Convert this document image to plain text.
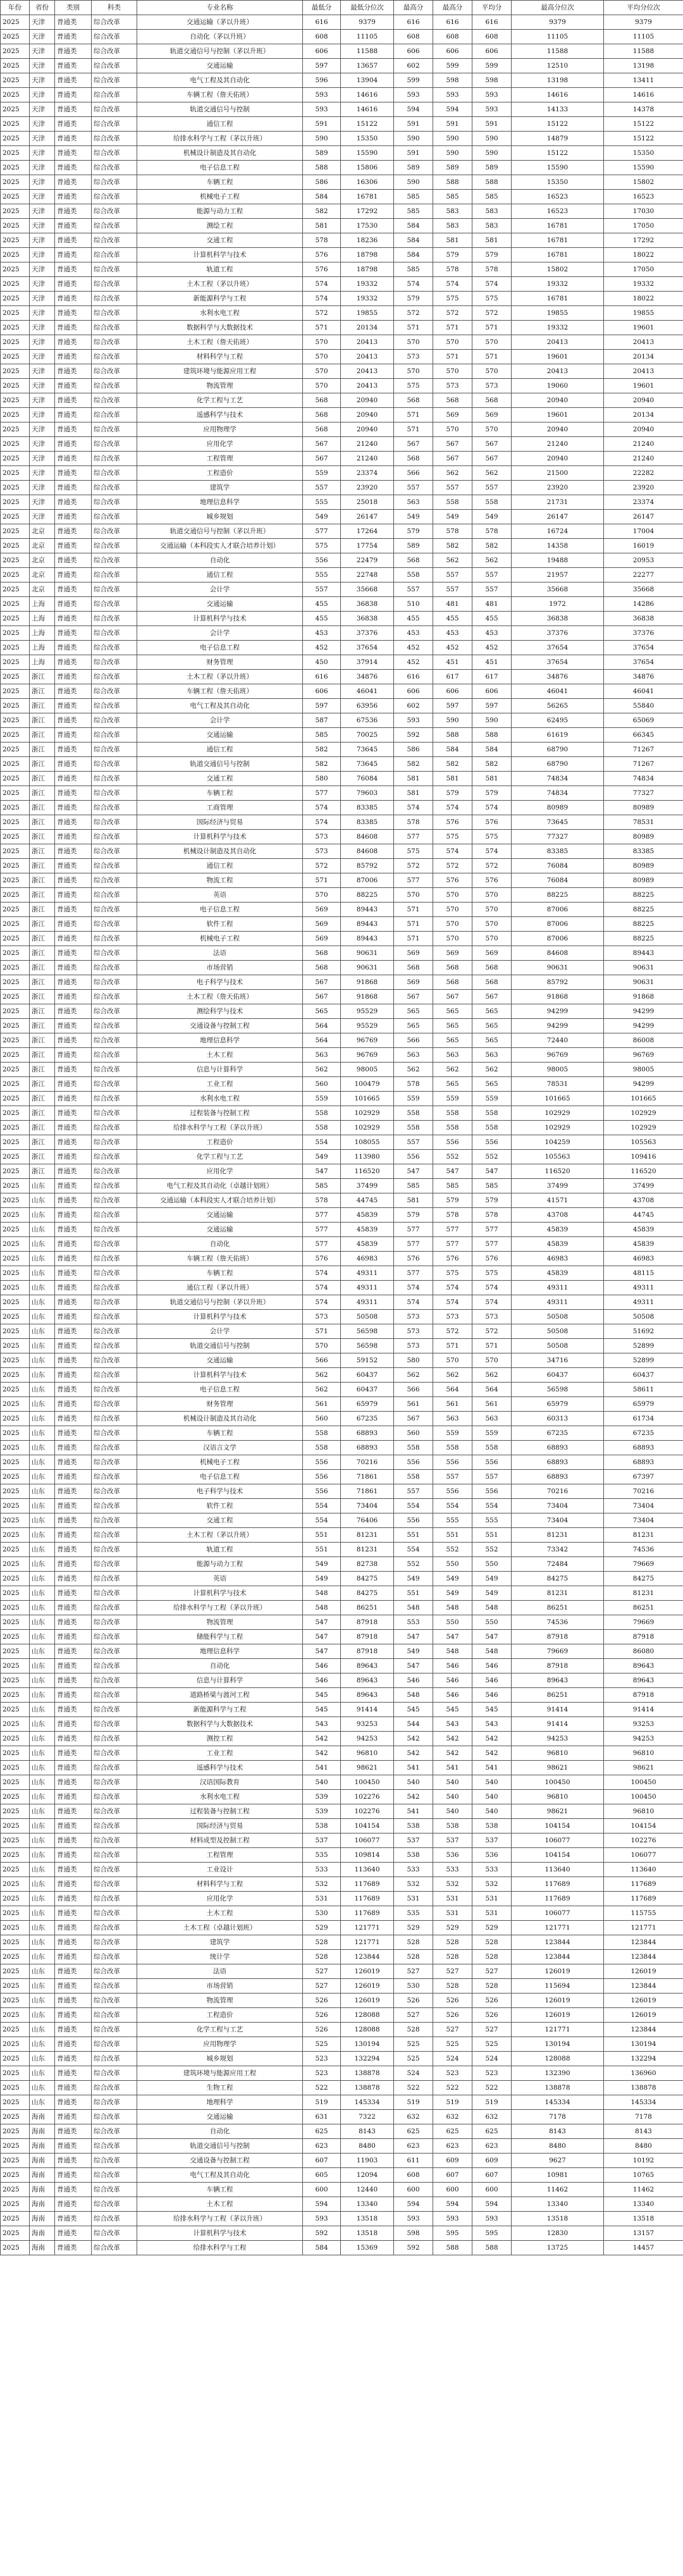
年份	省份	类别	科类	专业名称	最低分	最低分位次	最高分	最高分	平均分	最高分位次	平均分位次
2025	天津	普通类	综合改革	交通运输（茅以升班）	616	9379	616	616	616	9379	9379
2025	天津	普通类	综合改革	自动化（茅以升班）	608	11105	608	608	608	11105	11105
2025	天津	普通类	综合改革	轨道交通信号与控制（茅以升班）	606	11588	606	606	606	11588	11588
2025	天津	普通类	综合改革	交通运输	597	13657	602	599	599	12510	13198
2025	天津	普通类	综合改革	电气工程及其自动化	596	13904	599	598	598	13198	13411
2025	天津	普通类	综合改革	车辆工程（詹天佑班）	593	14616	593	593	593	14616	14616
2025	天津	普通类	综合改革	轨道交通信号与控制	593	14616	594	594	593	14133	14378
2025	天津	普通类	综合改革	通信工程	591	15122	591	591	591	15122	15122
2025	天津	普通类	综合改革	给排水科学与工程（茅以升班）	590	15350	590	590	590	14879	15122
2025	天津	普通类	综合改革	机械设计制造及其自动化	589	15590	591	590	590	15122	15350
2025	天津	普通类	综合改革	电子信息工程	588	15806	589	589	589	15590	15590
2025	天津	普通类	综合改革	车辆工程	586	16306	590	588	588	15350	15802
2025	天津	普通类	综合改革	机械电子工程	584	16781	585	585	585	16523	16523
2025	天津	普通类	综合改革	能源与动力工程	582	17292	585	583	583	16523	17030
2025	天津	普通类	综合改革	测绘工程	581	17530	584	583	583	16781	17050
2025	天津	普通类	综合改革	交通工程	578	18236	584	581	581	16781	17292
2025	天津	普通类	综合改革	计算机科学与技术	576	18798	584	579	579	16781	18022
2025	天津	普通类	综合改革	轨道工程	576	18798	585	578	578	15802	17050
2025	天津	普通类	综合改革	土木工程（茅以升班）	574	19332	574	574	574	19332	19332
2025	天津	普通类	综合改革	新能源科学与工程	574	19332	579	575	575	16781	18022
2025	天津	普通类	综合改革	水利水电工程	572	19855	572	572	572	19855	19855
2025	天津	普通类	综合改革	数据科学与大数据技术	571	20134	571	571	571	19332	19601
2025	天津	普通类	综合改革	土木工程（詹天佑班）	570	20413	570	570	570	20413	20413
2025	天津	普通类	综合改革	材料科学与工程	570	20413	573	571	571	19601	20134
2025	天津	普通类	综合改革	建筑环境与能源应用工程	570	20413	570	570	570	20413	20413
2025	天津	普通类	综合改革	物流管理	570	20413	575	573	573	19060	19601
2025	天津	普通类	综合改革	化学工程与工艺	568	20940	568	568	568	20940	20940
2025	天津	普通类	综合改革	遥感科学与技术	568	20940	571	569	569	19601	20134
2025	天津	普通类	综合改革	应用物理学	568	20940	571	570	570	20940	20940
2025	天津	普通类	综合改革	应用化学	567	21240	567	567	567	21240	21240
2025	天津	普通类	综合改革	工程管理	567	21240	568	567	567	20940	21240
2025	天津	普通类	综合改革	工程造价	559	23374	566	562	562	21500	22282
2025	天津	普通类	综合改革	建筑学	557	23920	557	557	557	23920	23920
2025	天津	普通类	综合改革	地理信息科学	555	25018	563	558	558	21731	23374
2025	天津	普通类	综合改革	城乡规划	549	26147	549	549	549	26147	26147
2025	北京	普通类	综合改革	轨道交通信号与控制（茅以升班）	577	17264	579	578	578	16724	17004
2025	北京	普通类	综合改革	交通运输（本科段实人才联合培养计划）	575	17754	589	582	582	14358	16019
2025	北京	普通类	综合改革	自动化	556	22479	568	562	562	19488	20953
2025	北京	普通类	综合改革	通信工程	555	22748	558	557	557	21957	22277
2025	北京	普通类	综合改革	会计学	557	35668	557	557	557	35668	35668
2025	上海	普通类	综合改革	交通运输	455	36838	510	481	481	1972	14286
2025	上海	普通类	综合改革	计算机科学与技术	455	36838	455	455	455	36838	36838
2025	上海	普通类	综合改革	会计学	453	37376	453	453	453	37376	37376
2025	上海	普通类	综合改革	电子信息工程	452	37654	452	452	452	37654	37654
2025	上海	普通类	综合改革	财务管理	450	37914	452	451	451	37654	37654
2025	浙江	普通类	综合改革	土木工程（茅以升班）	616	34876	616	617	617	34876	34876
2025	浙江	普通类	综合改革	车辆工程（詹天佑班）	606	46041	606	606	606	46041	46041
2025	浙江	普通类	综合改革	电气工程及其自动化	597	63956	602	597	597	56265	55840
2025	浙江	普通类	综合改革	会计学	587	67536	593	590	590	62495	65069
2025	浙江	普通类	综合改革	交通运输	585	70025	592	588	588	61619	66345
2025	浙江	普通类	综合改革	通信工程	582	73645	586	584	584	68790	71267
2025	浙江	普通类	综合改革	轨道交通信号与控制	582	73645	582	582	582	68790	71267
2025	浙江	普通类	综合改革	交通工程	580	76084	581	581	581	74834	74834
2025	浙江	普通类	综合改革	车辆工程	577	79603	581	579	579	74834	77327
2025	浙江	普通类	综合改革	工商管理	574	83385	574	574	574	80989	80989
2025	浙江	普通类	综合改革	国际经济与贸易	574	83385	578	576	576	73645	78531
2025	浙江	普通类	综合改革	计算机科学与技术	573	84608	577	575	575	77327	80989
2025	浙江	普通类	综合改革	机械设计制造及其自动化	573	84608	575	574	574	83385	83385
2025	浙江	普通类	综合改革	通信工程	572	85792	572	572	572	76084	80989
2025	浙江	普通类	综合改革	物流工程	571	87006	577	576	576	76084	80989
2025	浙江	普通类	综合改革	英语	570	88225	570	570	570	88225	88225
2025	浙江	普通类	综合改革	电子信息工程	569	89443	571	570	570	87006	88225
2025	浙江	普通类	综合改革	软件工程	569	89443	571	570	570	87006	88225
2025	浙江	普通类	综合改革	机械电子工程	569	89443	571	570	570	87006	88225
2025	浙江	普通类	综合改革	法语	568	90631	569	569	569	84608	89443
2025	浙江	普通类	综合改革	市场营销	568	90631	568	568	568	90631	90631
2025	浙江	普通类	综合改革	电子科学与技术	567	91868	569	568	568	85792	90631
2025	浙江	普通类	综合改革	土木工程（詹天佑班）	567	91868	567	567	567	91868	91868
2025	浙江	普通类	综合改革	测绘科学与技术	565	95529	565	565	565	94299	94299
2025	浙江	普通类	综合改革	交通设备与控制工程	564	95529	565	565	565	94299	94299
2025	浙江	普通类	综合改革	地理信息科学	564	96769	566	565	565	72440	86008
2025	浙江	普通类	综合改革	土木工程	563	96769	563	563	563	96769	96769
2025	浙江	普通类	综合改革	信息与计算科学	562	98005	562	562	562	98005	98005
2025	浙江	普通类	综合改革	工业工程	560	100479	578	565	565	78531	94299
2025	浙江	普通类	综合改革	水利水电工程	559	101665	559	559	559	101665	101665
2025	浙江	普通类	综合改革	过程装备与控制工程	558	102929	558	558	558	102929	102929
2025	浙江	普通类	综合改革	给排水科学与工程（茅以升班）	558	102929	558	558	558	102929	102929
2025	浙江	普通类	综合改革	工程造价	554	108055	557	556	556	104259	105563
2025	浙江	普通类	综合改革	化学工程与工艺	549	113980	556	552	552	105563	109416
2025	浙江	普通类	综合改革	应用化学	547	116520	547	547	547	116520	116520
2025	山东	普通类	综合改革	电气工程及其自动化（卓越计划班）	585	37499	585	585	585	37499	37499
2025	山东	普通类	综合改革	交通运输（本科段实人才联合培养计划）	578	44745	581	579	579	41571	43708
2025	山东	普通类	综合改革	交通运输	577	45839	579	578	578	43708	44745
2025	山东	普通类	综合改革	交通运输	577	45839	577	577	577	45839	45839
2025	山东	普通类	综合改革	自动化	577	45839	577	577	577	45839	45839
2025	山东	普通类	综合改革	车辆工程（詹天佑班）	576	46983	576	576	576	46983	46983
2025	山东	普通类	综合改革	车辆工程	574	49311	577	575	575	45839	48115
2025	山东	普通类	综合改革	通信工程（茅以升班）	574	49311	574	574	574	49311	49311
2025	山东	普通类	综合改革	轨道交通信号与控制（茅以升班）	574	49311	574	574	574	49311	49311
2025	山东	普通类	综合改革	计算机科学与技术	573	50508	573	573	573	50508	50508
2025	山东	普通类	综合改革	会计学	571	56598	573	572	572	50508	51692
2025	山东	普通类	综合改革	轨道交通信号与控制	570	56598	573	571	571	50508	52899
2025	山东	普通类	综合改革	交通运输	566	59152	580	570	570	34716	52899
2025	山东	普通类	综合改革	计算机科学与技术	562	60437	562	562	562	60437	60437
2025	山东	普通类	综合改革	电子信息工程	562	60437	566	564	564	56598	58611
2025	山东	普通类	综合改革	财务管理	561	65979	561	561	561	65979	65979
2025	山东	普通类	综合改革	机械设计制造及其自动化	560	67235	567	563	563	60313	61734
2025	山东	普通类	综合改革	车辆工程	558	68893	560	559	559	67235	67235
2025	山东	普通类	综合改革	汉语言文学	558	68893	558	558	558	68893	68893
2025	山东	普通类	综合改革	机械电子工程	556	70216	556	556	556	68893	68893
2025	山东	普通类	综合改革	电子信息工程	556	71861	558	557	557	68893	67397
2025	山东	普通类	综合改革	电子科学与技术	556	71861	557	556	556	70216	70216
2025	山东	普通类	综合改革	软件工程	554	73404	554	554	554	73404	73404
2025	山东	普通类	综合改革	交通工程	554	76406	556	555	555	73404	73404
2025	山东	普通类	综合改革	土木工程（茅以升班）	551	81231	551	551	551	81231	81231
2025	山东	普通类	综合改革	轨道工程	551	81231	554	552	552	73342	74536
2025	山东	普通类	综合改革	能源与动力工程	549	82738	552	550	550	72484	79669
2025	山东	普通类	综合改革	英语	549	84275	549	549	549	84275	84275
2025	山东	普通类	综合改革	计算机科学与技术	548	84275	551	549	549	81231	81231
2025	山东	普通类	综合改革	给排水科学与工程（茅以升班）	548	86251	548	548	548	86251	86251
2025	山东	普通类	综合改革	物流管理	547	87918	553	550	550	74536	79669
2025	山东	普通类	综合改革	储能科学与工程	547	87918	547	547	547	87918	87918
2025	山东	普通类	综合改革	地理信息科学	547	87918	549	548	548	79669	86080
2025	山东	普通类	综合改革	自动化	546	89643	547	546	546	87918	89643
2025	山东	普通类	综合改革	信息与计算科学	546	89643	546	546	546	89643	89643
2025	山东	普通类	综合改革	道路桥梁与渡河工程	545	89643	548	546	546	86251	87918
2025	山东	普通类	综合改革	新能源科学与工程	545	91414	545	545	545	91414	91414
2025	山东	普通类	综合改革	数据科学与大数据技术	543	93253	544	543	543	91414	93253
2025	山东	普通类	综合改革	测控工程	542	94253	542	542	542	94253	94253
2025	山东	普通类	综合改革	工业工程	542	96810	542	542	542	96810	96810
2025	山东	普通类	综合改革	遥感科学与技术	541	98621	541	541	541	98621	98621
2025	山东	普通类	综合改革	汉语国际教育	540	100450	540	540	540	100450	100450
2025	山东	普通类	综合改革	水利水电工程	539	102276	542	540	540	96810	100450
2025	山东	普通类	综合改革	过程装备与控制工程	539	102276	541	540	540	98621	96810
2025	山东	普通类	综合改革	国际经济与贸易	538	104154	538	538	538	104154	104154
2025	山东	普通类	综合改革	材料成型及控制工程	537	106077	537	537	537	106077	102276
2025	山东	普通类	综合改革	工程管理	535	109814	538	536	536	104154	106077
2025	山东	普通类	综合改革	工业设计	533	113640	533	533	533	113640	113640
2025	山东	普通类	综合改革	材料科学与工程	532	117689	532	532	532	117689	117689
2025	山东	普通类	综合改革	应用化学	531	117689	531	531	531	117689	117689
2025	山东	普通类	综合改革	土木工程	530	117689	535	531	531	106077	115755
2025	山东	普通类	综合改革	土木工程（卓越计划班）	529	121771	529	529	529	121771	121771
2025	山东	普通类	综合改革	建筑学	528	121771	528	528	528	123844	123844
2025	山东	普通类	综合改革	统计学	528	123844	528	528	528	123844	123844
2025	山东	普通类	综合改革	法语	527	126019	527	527	527	126019	126019
2025	山东	普通类	综合改革	市场营销	527	126019	530	528	528	115694	123844
2025	山东	普通类	综合改革	物流管理	526	126019	526	526	526	126019	126019
2025	山东	普通类	综合改革	工程造价	526	128088	527	526	526	126019	126019
2025	山东	普通类	综合改革	化学工程与工艺	526	128088	528	527	527	121771	123844
2025	山东	普通类	综合改革	应用物理学	525	130194	525	525	525	130194	130194
2025	山东	普通类	综合改革	城乡规划	523	132294	525	524	524	128088	132294
2025	山东	普通类	综合改革	建筑环境与能源应用工程	523	138878	524	523	523	132390	136960
2025	山东	普通类	综合改革	生物工程	522	138878	522	522	522	138878	138878
2025	山东	普通类	综合改革	地理科学	519	145334	519	519	519	145334	145334
2025	海南	普通类	综合改革	交通运输	631	7322	632	632	632	7178	7178
2025	海南	普通类	综合改革	自动化	625	8143	625	625	625	8143	8143
2025	海南	普通类	综合改革	轨道交通信号与控制	623	8480	623	623	623	8480	8480
2025	海南	普通类	综合改革	交通设备与控制工程	607	11903	611	609	609	9627	10192
2025	海南	普通类	综合改革	电气工程及其自动化	605	12094	608	607	607	10981	10765
2025	海南	普通类	综合改革	车辆工程	600	12440	600	600	600	11462	11462
2025	海南	普通类	综合改革	土木工程	594	13340	594	594	594	13340	13340
2025	海南	普通类	综合改革	给排水科学与工程（茅以升班）	593	13518	593	593	593	13518	13518
2025	海南	普通类	综合改革	计算机科学与技术	592	13518	598	595	595	12830	13157
2025	海南	普通类	综合改革	给排水科学与工程	584	15369	592	588	588	13725	14457
